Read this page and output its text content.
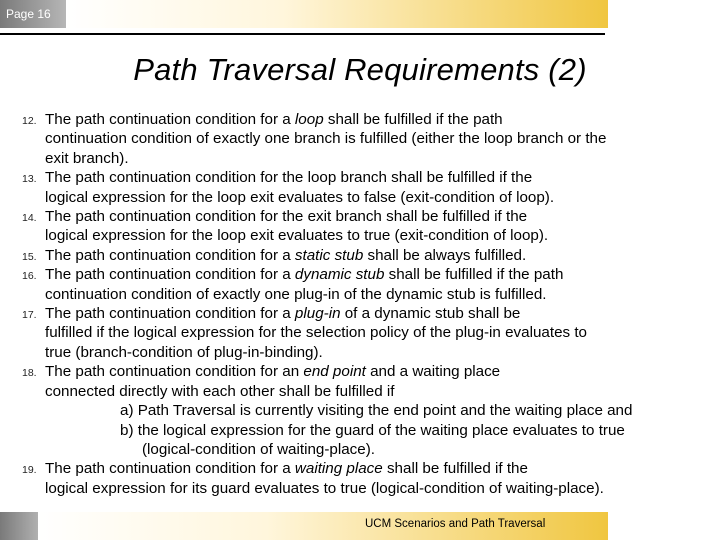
Page 16
Path Traversal Requirements (2)
12. The path continuation condition for a loop shall be fulfilled if the path
continuation condition of exactly one branch is fulfilled (either the loop branch or the
exit branch).
13. The path continuation condition for the loop branch shall be fulfilled if the
logical expression for the loop exit evaluates to false (exit-condition of loop).
14. The path continuation condition for the exit branch shall be fulfilled if the
logical expression for the loop exit evaluates to true (exit-condition of loop).
15. The path continuation condition for a static stub shall be always fulfilled.
16. The path continuation condition for a dynamic stub shall be fulfilled if the path
continuation condition of exactly one plug-in of the dynamic stub is fulfilled.
17. The path continuation condition for a plug-in of a dynamic stub shall be
fulfilled if the logical expression for the selection policy of the plug-in evaluates to
true (branch-condition of plug-in-binding).
18. The path continuation condition for an end point and a waiting place
connected directly with each other shall be fulfilled if
a) Path Traversal is currently visiting the end point and the waiting place and
b) the logical expression for the guard of the waiting place evaluates to true
(logical-condition of waiting-place).
19. The path continuation condition for a waiting place shall be fulfilled if the
logical expression for its guard evaluates to true (logical-condition of waiting-place).
UCM Scenarios and Path Traversal
